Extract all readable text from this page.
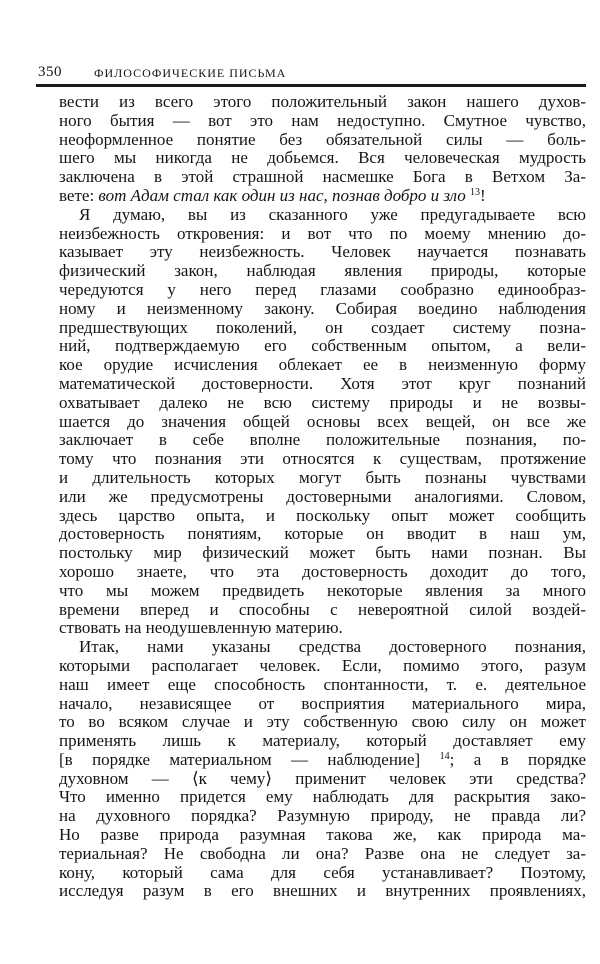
350	ФИЛОСОФИЧЕСКИЕ ПИСЬМА
вести из всего этого положительный закон нашего духов-
ного бытия — вот это нам недоступно. Смутное чувство,
неоформленное понятие без обязательной силы — боль-
шего мы никогда не добьемся. Вся человеческая мудрость
заключена в этой страшной насмешке Бога в Ветхом За-
вете: вот Адам стал как один из нас, познав добро и зло $^{13}$!
Я думаю, вы из сказанного уже предугадываете всю
неизбежность откровения: и вот что по моему мнению до-
казывает эту неизбежность. Человек научается познавать
физический закон, наблюдая явления природы, которые
чередуются у него перед глазами сообразно единообраз-
ному и неизменному закону. Собирая воедино наблюдения
предшествующих поколений, он создает систему позна-
ний, подтверждаемую его собственным опытом, а вели-
кое орудие исчисления облекает ее в неизменную форму
математической достоверности. Хотя этот круг познаний
охватывает далеко не всю систему природы и не возвы-
шается до значения общей основы всех вещей, он все же
заключает в себе вполне положительные познания, по-
тому что познания эти относятся к существам, протяжение
и длительность которых могут быть познаны чувствами
или же предусмотрены достоверными аналогиями. Словом,
здесь царство опыта, и поскольку опыт может сообщить
достоверность понятиям, которые он вводит в наш ум,
постольку мир физический может быть нами познан. Вы
хорошо знаете, что эта достоверность доходит до того,
что мы можем предвидеть некоторые явления за много
времени вперед и способны с невероятной силой воздей-
ствовать на неодушевленную материю.
Итак, нами указаны средства достоверного познания,
которыми располагает человек. Если, помимо этого, разум
наш имеет еще способность спонтанности, т. е. деятельное
начало, независящее от восприятия материального мира,
то во всяком случае и эту собственную свою силу он может
применять лишь к материалу, который доставляет ему
[в порядке материальном — наблюдение] $^{14}$; а в порядке
духовном — ⟨к чему⟩ применит человек эти средства?
Что именно придется ему наблюдать для раскрытия зако-
на духовного порядка? Разумную природу, не правда ли?
Но разве природа разумная такова же, как природа ма-
териальная? Не свободна ли она? Разве она не следует за-
кону, который сама для себя устанавливает? Поэтому,
исследуя разум в его внешних и внутренних проявлениях,
